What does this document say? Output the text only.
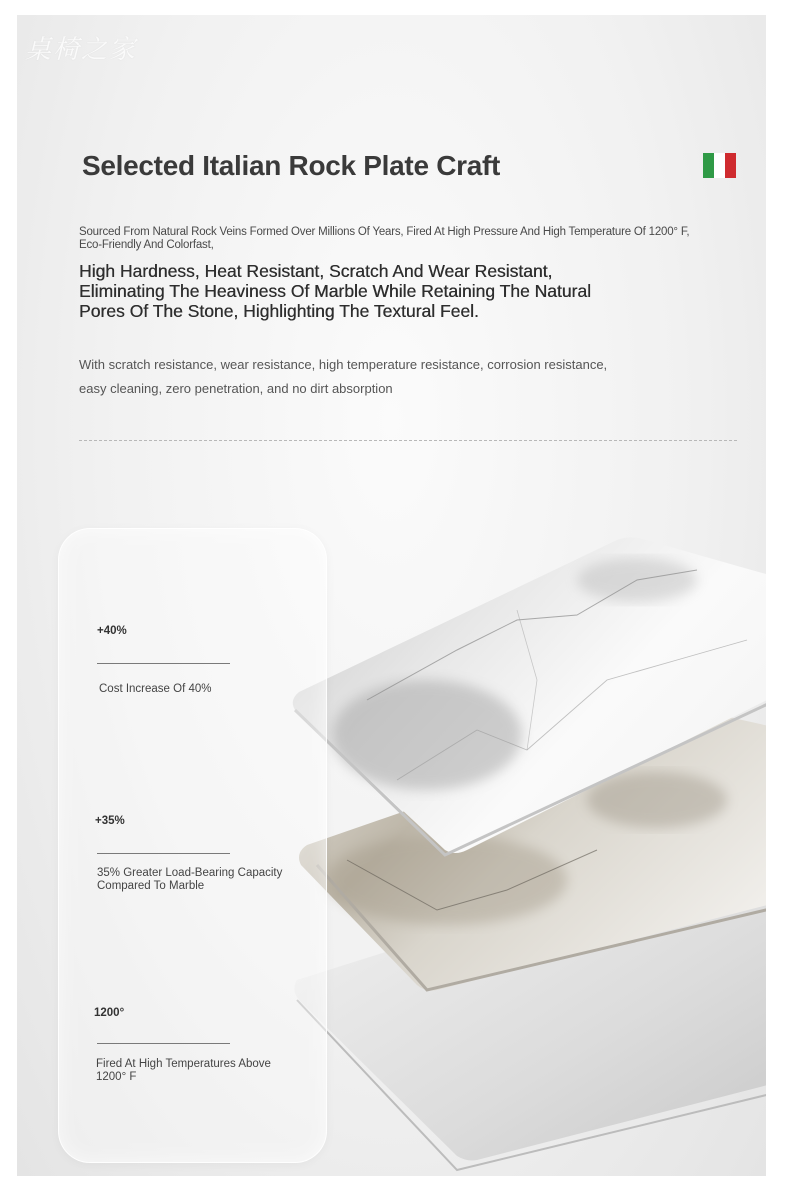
桌椅之家
Selected Italian Rock Plate Craft
Sourced From Natural Rock Veins Formed Over Millions Of Years, Fired At High Pressure And High Temperature Of 1200° F,
Eco-Friendly And Colorfast,
High Hardness, Heat Resistant, Scratch And Wear Resistant,
Eliminating The Heaviness Of Marble While Retaining The Natural
Pores Of The Stone, Highlighting The Textural Feel.
With scratch resistance, wear resistance, high temperature resistance, corrosion resistance,
easy cleaning, zero penetration, and no dirt absorption
+40%
Cost Increase Of 40%
+35%
35% Greater Load-Bearing Capacity
Compared To Marble
1200°
Fired At High Temperatures Above
1200° F
